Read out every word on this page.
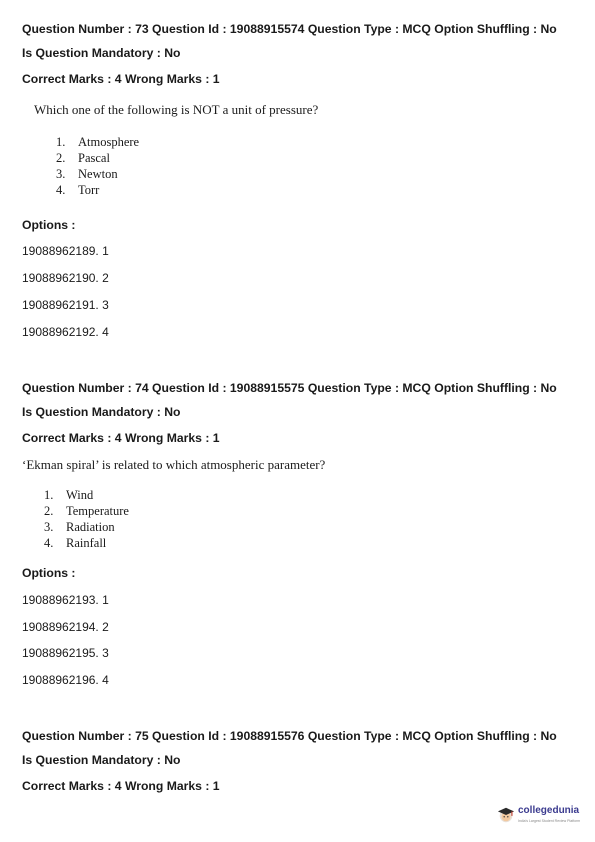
Question Number : 73 Question Id : 19088915574 Question Type : MCQ Option Shuffling : No
Is Question Mandatory : No
Correct Marks : 4 Wrong Marks : 1
Which one of the following is NOT a unit of pressure?
1. Atmosphere
2. Pascal
3. Newton
4. Torr
Options :
19088962189. 1
19088962190. 2
19088962191. 3
19088962192. 4
Question Number : 74 Question Id : 19088915575 Question Type : MCQ Option Shuffling : No
Is Question Mandatory : No
Correct Marks : 4 Wrong Marks : 1
‘Ekman spiral’ is related to which atmospheric parameter?
1. Wind
2. Temperature
3. Radiation
4. Rainfall
Options :
19088962193. 1
19088962194. 2
19088962195. 3
19088962196. 4
Question Number : 75 Question Id : 19088915576 Question Type : MCQ Option Shuffling : No
Is Question Mandatory : No
Correct Marks : 4 Wrong Marks : 1
collegedunia
India's Largest Student Review Platform
